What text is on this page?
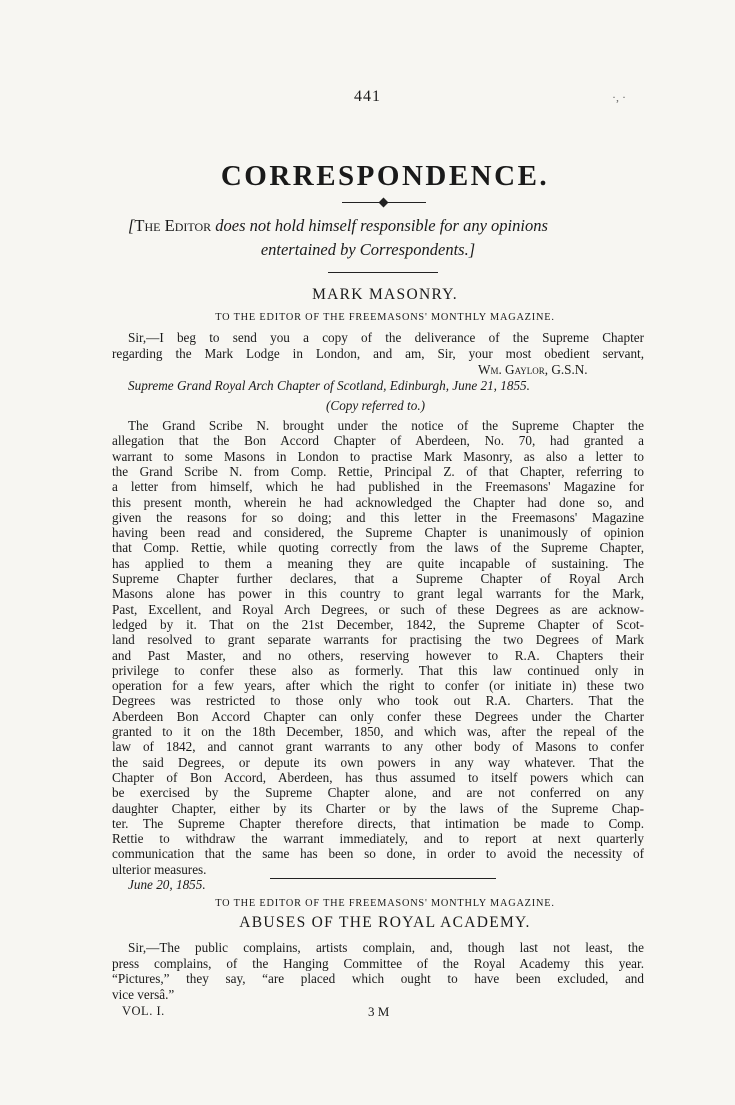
441	·, ·
CORRESPONDENCE.
[The Editor does not hold himself responsible for any opinions
entertained by Correspondents.]
MARK MASONRY.
TO THE EDITOR OF THE FREEMASONS' MONTHLY MAGAZINE.
Sir,—I beg to send you a copy of the deliverance of the Supreme Chapter
regarding the Mark Lodge in London, and am, Sir, your most obedient servant,
Wm. Gaylor, G.S.N.
Supreme Grand Royal Arch Chapter of Scotland, Edinburgh, June 21, 1855.
(Copy referred to.)
The Grand Scribe N. brought under the notice of the Supreme Chapter the
allegation that the Bon Accord Chapter of Aberdeen, No. 70, had granted a
warrant to some Masons in London to practise Mark Masonry, as also a letter to
the Grand Scribe N. from Comp. Rettie, Principal Z. of that Chapter, referring to
a letter from himself, which he had published in the Freemasons' Magazine for
this present month, wherein he had acknowledged the Chapter had done so, and
given the reasons for so doing; and this letter in the Freemasons' Magazine
having been read and considered, the Supreme Chapter is unanimously of opinion
that Comp. Rettie, while quoting correctly from the laws of the Supreme Chapter,
has applied to them a meaning they are quite incapable of sustaining. The
Supreme Chapter further declares, that a Supreme Chapter of Royal Arch
Masons alone has power in this country to grant legal warrants for the Mark,
Past, Excellent, and Royal Arch Degrees, or such of these Degrees as are acknow-
ledged by it. That on the 21st December, 1842, the Supreme Chapter of Scot-
land resolved to grant separate warrants for practising the two Degrees of Mark
and Past Master, and no others, reserving however to R.A. Chapters their
privilege to confer these also as formerly. That this law continued only in
operation for a few years, after which the right to confer (or initiate in) these two
Degrees was restricted to those only who took out R.A. Charters. That the
Aberdeen Bon Accord Chapter can only confer these Degrees under the Charter
granted to it on the 18th December, 1850, and which was, after the repeal of the
law of 1842, and cannot grant warrants to any other body of Masons to confer
the said Degrees, or depute its own powers in any way whatever. That the
Chapter of Bon Accord, Aberdeen, has thus assumed to itself powers which can
be exercised by the Supreme Chapter alone, and are not conferred on any
daughter Chapter, either by its Charter or by the laws of the Supreme Chap-
ter. The Supreme Chapter therefore directs, that intimation be made to Comp.
Rettie to withdraw the warrant immediately, and to report at next quarterly
communication that the same has been so done, in order to avoid the necessity of
ulterior measures.
June 20, 1855.
TO THE EDITOR OF THE FREEMASONS' MONTHLY MAGAZINE.
ABUSES OF THE ROYAL ACADEMY.
Sir,—The public complains, artists complain, and, though last not least, the
press complains, of the Hanging Committee of the Royal Academy this year.
“Pictures,” they say, “are placed which ought to have been excluded, and
vice versâ.”
VOL. I.	3 M
